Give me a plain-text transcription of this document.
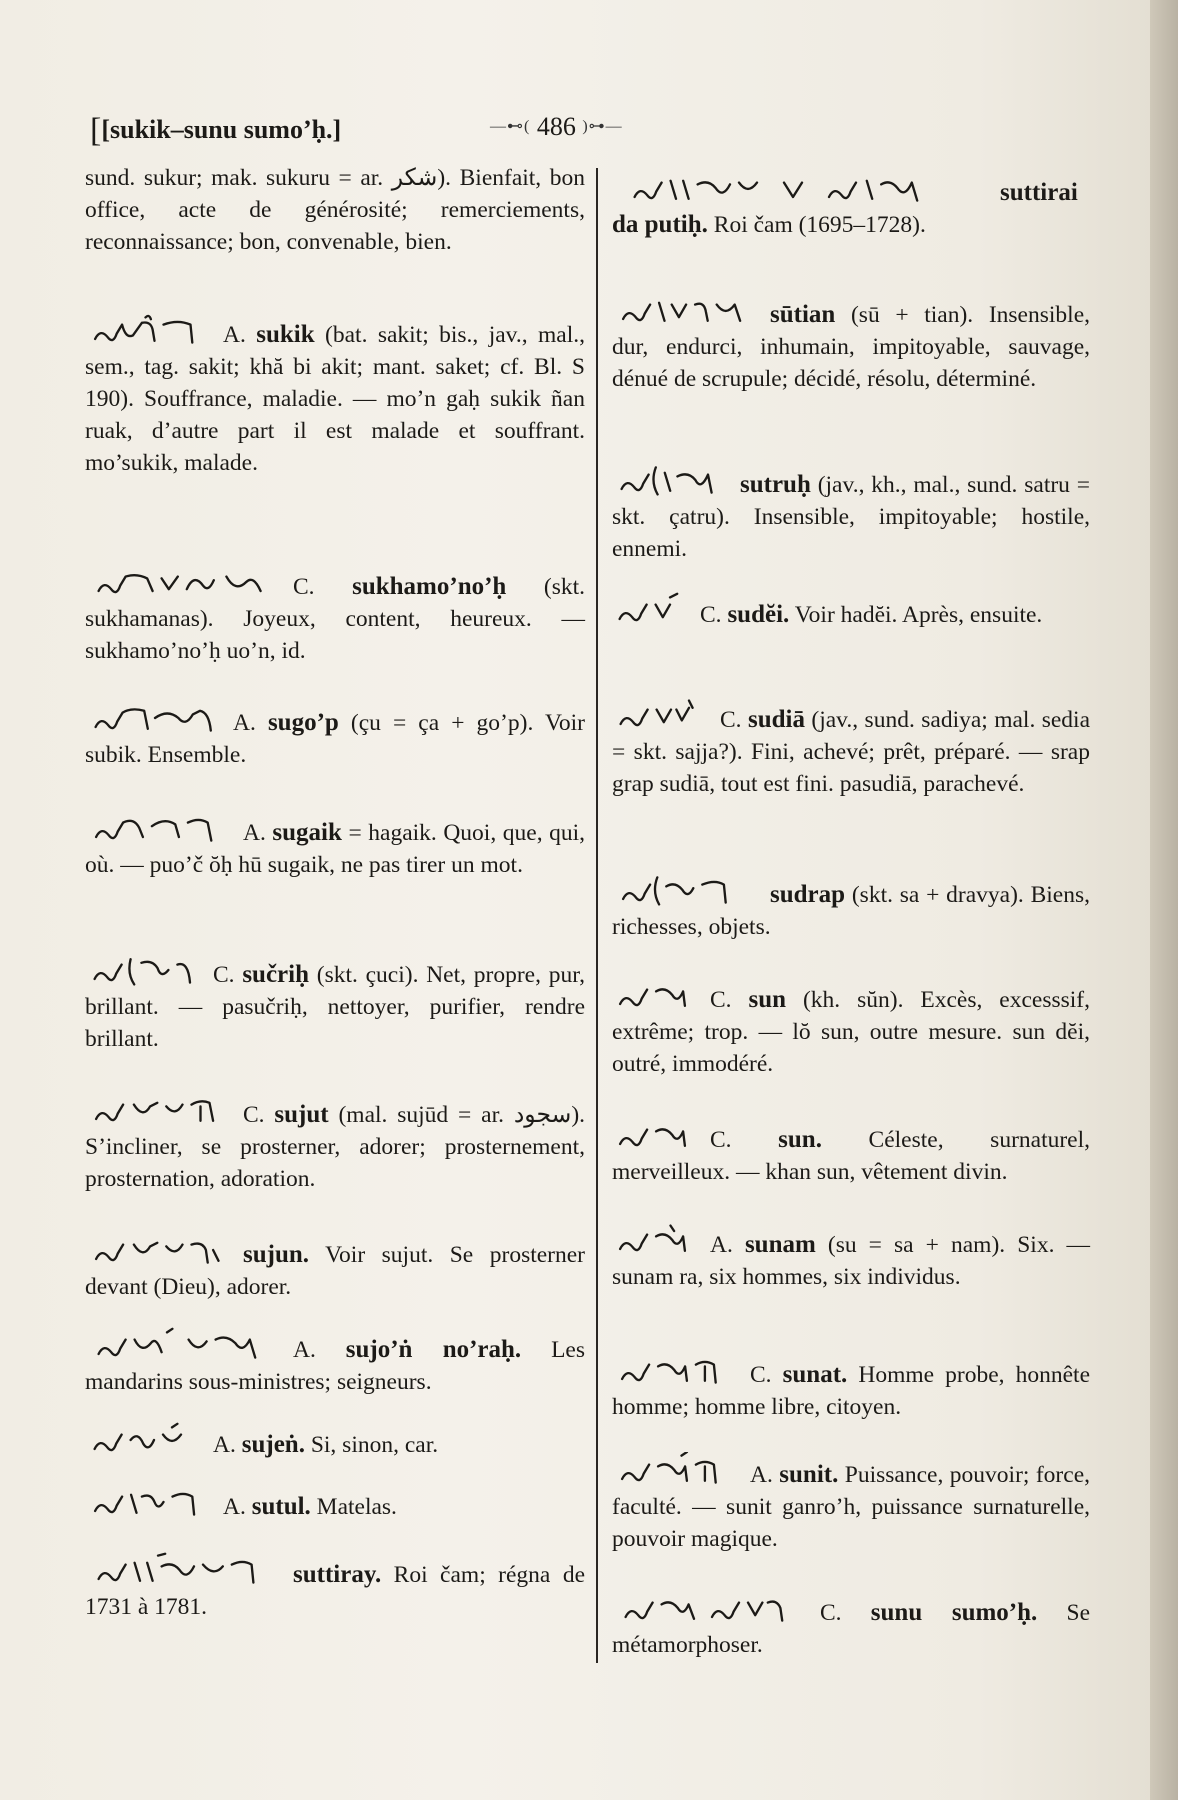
[[sukik–sunu sumo’ḥ.]	—⊷( 486 )⊶—

sund. sukur; mak. sukuru = ar. شكر). Bienfait, bon office, acte de générosité; remerciements, reconnaissance; bon, convenable, bien.

A. sukik (bat. sakit; bis., jav., mal., sem., tag. sakit; khă bi akit; mant. saket; cf. Bl. S 190). Souffrance, maladie. — mo’n gaḥ sukik ñan ruak, d’autre part il est malade et souffrant. mo’sukik, malade.

C. sukhamo’no’ḥ (skt. sukhamanas). Joyeux, content, heureux. — sukhamo’no’ḥ uo’n, id.

A. sugo’p (çu = ça + go’p). Voir subik. Ensemble.

A. sugaik = hagaik. Quoi, que, qui, où. — puo’č ŏḥ hū sugaik, ne pas tirer un mot.

C. sučriḥ (skt. çuci). Net, propre, pur, brillant. — pasučriḥ, nettoyer, purifier, rendre brillant.

C. sujut (mal. sujūd = ar. سجود). S’incliner, se prosterner, adorer; prosternement, prosternation, adoration.

sujun. Voir sujut. Se prosterner devant (Dieu), adorer.

A. sujo’ṅ no’raḥ. Les mandarins sous-ministres; seigneurs.

A. sujeṅ. Si, sinon, car.

A. sutul. Matelas.

suttiray. Roi čam; régna de 1731 à 1781.

suttirai da putiḥ. Roi čam (1695–1728).

sūtian (sū + tian). Insensible, dur, endurci, inhumain, impitoyable, sauvage, dénué de scrupule; décidé, résolu, déterminé.

sutruḥ (jav., kh., mal., sund. satru = skt. çatru). Insensible, impitoyable; hostile, ennemi.

C. sudĕi. Voir hadĕi. Après, ensuite.

C. sudiā (jav., sund. sadiya; mal. sedia = skt. sajja?). Fini, achevé; prêt, préparé. — srap grap sudiā, tout est fini. pasudiā, parachevé.

sudrap (skt. sa + dravya). Biens, richesses, objets.

C. sun (kh. sŭn). Excès, excesssif, extrême; trop. — lŏ sun, outre mesure. sun dĕi, outré, immodéré.

C. sun. Céleste, surnaturel, merveilleux. — khan sun, vêtement divin.

A. sunam (su = sa + nam). Six. — sunam ra, six hommes, six individus.

C. sunat. Homme probe, honnête homme; homme libre, citoyen.

A. sunit. Puissance, pouvoir; force, faculté. — sunit ganro’h, puissance surnaturelle, pouvoir magique.

C. sunu sumo’ḥ. Se métamorphoser.
